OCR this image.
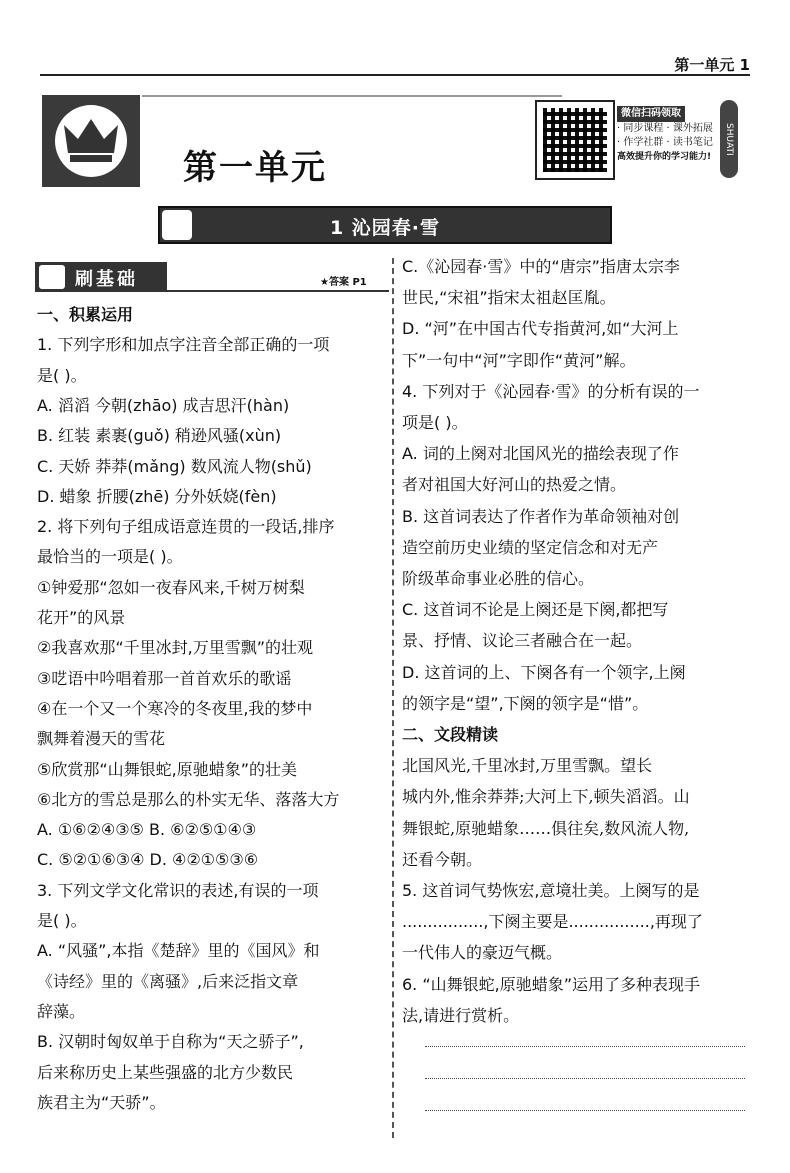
第一单元 1
第一单元
微信扫码领取
· 同步课程 · 课外拓展
· 作学社群 · 读书笔记
高效提升你的学习能力!
SHUATI
1 沁园春·雪
刷基础	★答案 P1
一、积累运用
1. 下列字形和加点字注音全部正确的一项
是( )。
A. 滔滔 今朝(zhāo) 成吉思汗(hàn)
B. 红装 素裹(guǒ) 稍逊风骚(xùn)
C. 天娇 莽莽(mǎng) 数风流人物(shǔ)
D. 蜡象 折腰(zhē) 分外妖娆(fèn)
2. 将下列句子组成语意连贯的一段话,排序
最恰当的一项是( )。
①钟爱那“忽如一夜春风来,千树万树梨
花开”的风景
②我喜欢那“千里冰封,万里雪飘”的壮观
③呓语中吟唱着那一首首欢乐的歌谣
④在一个又一个寒冷的冬夜里,我的梦中
飘舞着漫天的雪花
⑤欣赏那“山舞银蛇,原驰蜡象”的壮美
⑥北方的雪总是那么的朴实无华、落落大方
A. ①⑥②④③⑤ B. ⑥②⑤①④③
C. ⑤②①⑥③④ D. ④②①⑤③⑥
3. 下列文学文化常识的表述,有误的一项
是( )。
A. “风骚”,本指《楚辞》里的《国风》和
《诗经》里的《离骚》,后来泛指文章
辞藻。
B. 汉朝时匈奴单于自称为“天之骄子”,
后来称历史上某些强盛的北方少数民
族君主为“天骄”。
C.《沁园春·雪》中的“唐宗”指唐太宗李
世民,“宋祖”指宋太祖赵匡胤。
D. “河”在中国古代专指黄河,如“大河上
下”一句中“河”字即作“黄河”解。
4. 下列对于《沁园春·雪》的分析有误的一
项是( )。
A. 词的上阕对北国风光的描绘表现了作
者对祖国大好河山的热爱之情。
B. 这首词表达了作者作为革命领袖对创
造空前历史业绩的坚定信念和对无产
阶级革命事业必胜的信心。
C. 这首词不论是上阕还是下阕,都把写
景、抒情、议论三者融合在一起。
D. 这首词的上、下阕各有一个领字,上阕
的领字是“望”,下阕的领字是“惜”。
二、文段精读
北国风光,千里冰封,万里雪飘。望长
城内外,惟余莽莽;大河上下,顿失滔滔。山
舞银蛇,原驰蜡象……俱往矣,数风流人物,
还看今朝。
5. 这首词气势恢宏,意境壮美。上阕写的是
................,下阕主要是................,再现了
一代伟人的豪迈气概。
6. “山舞银蛇,原驰蜡象”运用了多种表现手
法,请进行赏析。
